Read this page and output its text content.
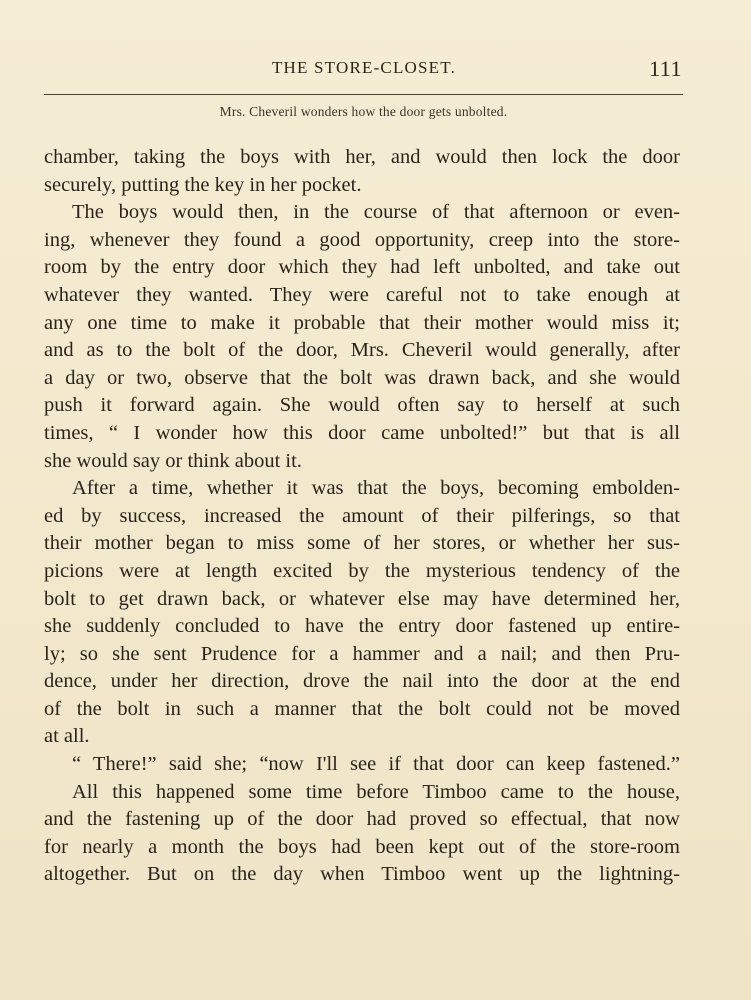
THE STORE-CLOSET.	111
Mrs. Cheveril wonders how the door gets unbolted.
chamber, taking the boys with her, and would then lock the door
securely, putting the key in her pocket.
The boys would then, in the course of that afternoon or even-
ing, whenever they found a good opportunity, creep into the store-
room by the entry door which they had left unbolted, and take out
whatever they wanted. They were careful not to take enough at
any one time to make it probable that their mother would miss it;
and as to the bolt of the door, Mrs. Cheveril would generally, after
a day or two, observe that the bolt was drawn back, and she would
push it forward again. She would often say to herself at such
times, “ I wonder how this door came unbolted!” but that is all
she would say or think about it.
After a time, whether it was that the boys, becoming embolden-
ed by success, increased the amount of their pilferings, so that
their mother began to miss some of her stores, or whether her sus-
picions were at length excited by the mysterious tendency of the
bolt to get drawn back, or whatever else may have determined her,
she suddenly concluded to have the entry door fastened up entire-
ly; so she sent Prudence for a hammer and a nail; and then Pru-
dence, under her direction, drove the nail into the door at the end
of the bolt in such a manner that the bolt could not be moved
at all.
“ There!” said she; “now I'll see if that door can keep fastened.”
All this happened some time before Timboo came to the house,
and the fastening up of the door had proved so effectual, that now
for nearly a month the boys had been kept out of the store-room
altogether. But on the day when Timboo went up the lightning-
